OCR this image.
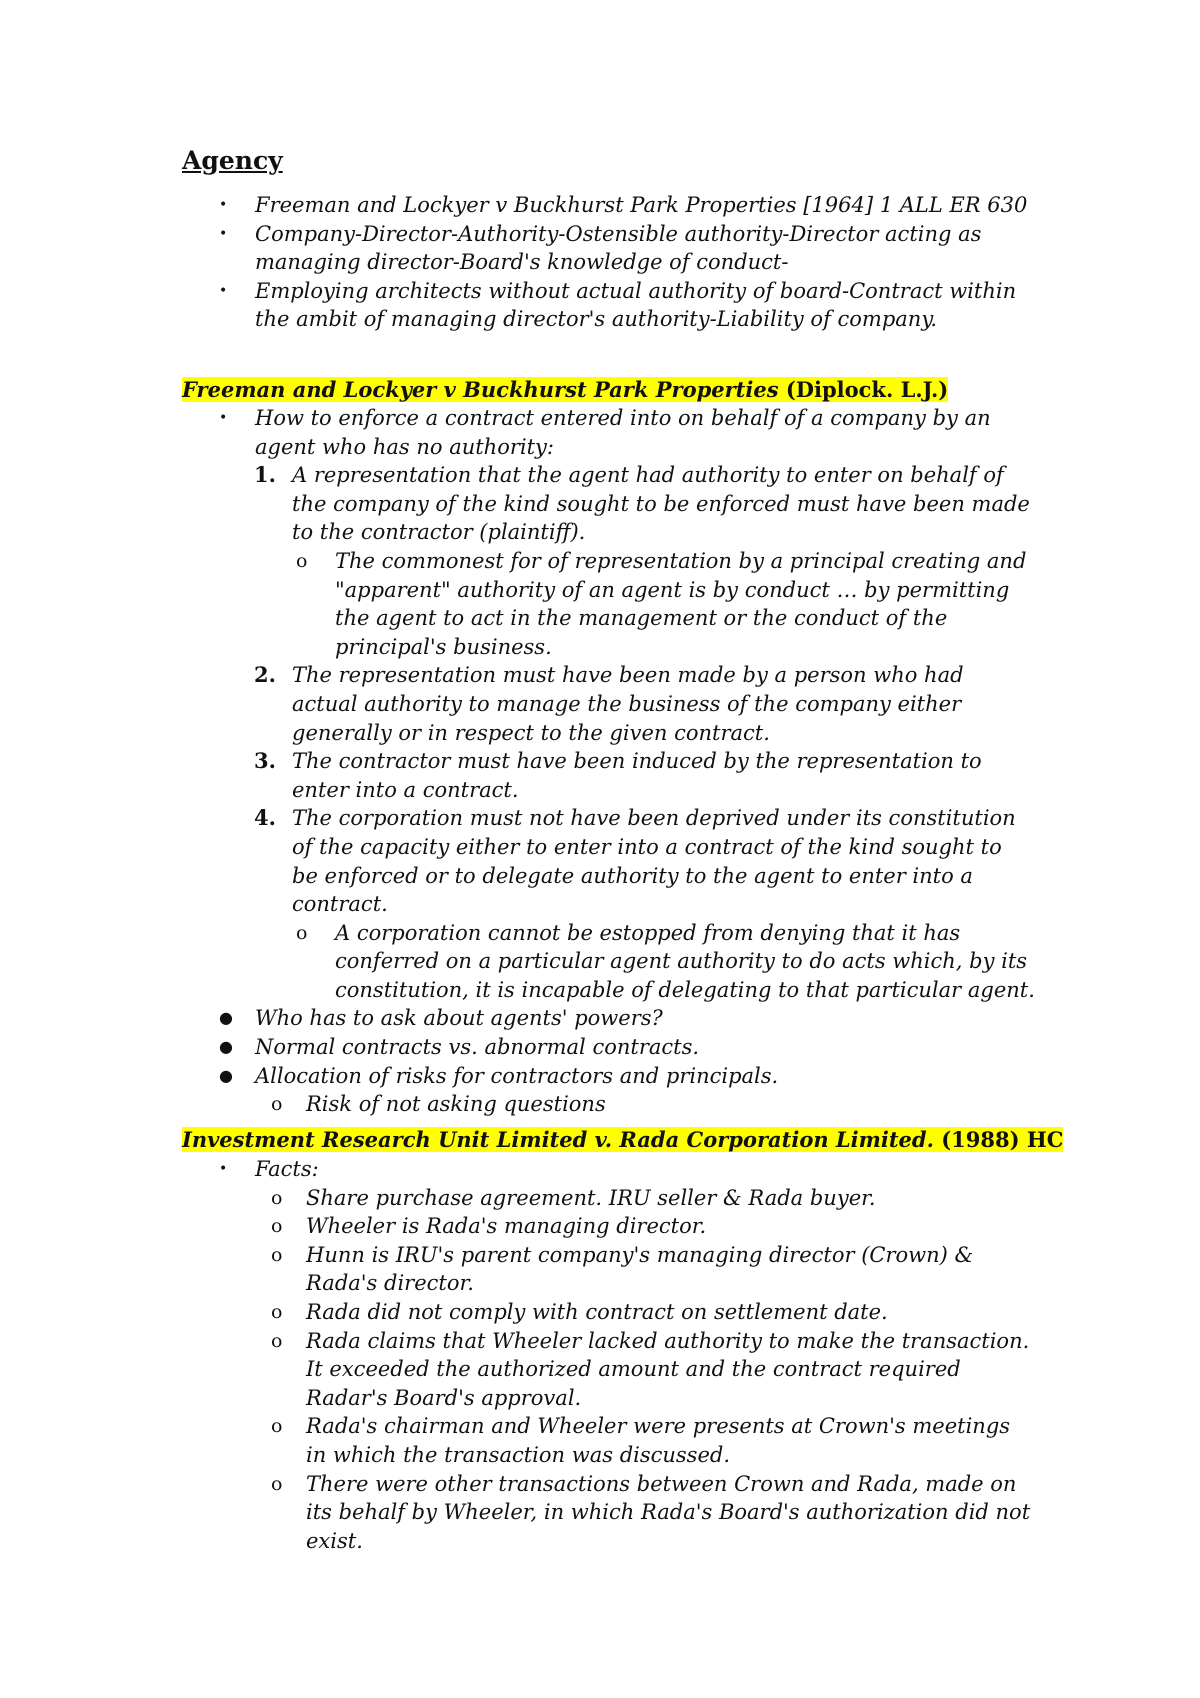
Agency
• Freeman and Lockyer v Buckhurst Park Properties [1964] 1 ALL ER 630
• Company-Director-Authority-Ostensible authority-Director acting as managing director-Board's knowledge of conduct-
• Employing architects without actual authority of board-Contract within the ambit of managing director's authority-Liability of company.

Freeman and Lockyer v Buckhurst Park Properties (Diplock. L.J.)

• How to enforce a contract entered into on behalf of a company by an agent who has no authority:
1. A representation that the agent had authority to enter on behalf of the company of the kind sought to be enforced must have been made to the contractor (plaintiff).
o The commonest for of representation by a principal creating and "apparent" authority of an agent is by conduct … by permitting the agent to act in the management or the conduct of the principal's business.
2. The representation must have been made by a person who had actual authority to manage the business of the company either generally or in respect to the given contract.
3. The contractor must have been induced by the representation to enter into a contract.
4. The corporation must not have been deprived under its constitution of the capacity either to enter into a contract of the kind sought to be enforced or to delegate authority to the agent to enter into a contract.
o A corporation cannot be estopped from denying that it has conferred on a particular agent authority to do acts which, by its constitution, it is incapable of delegating to that particular agent.
● Who has to ask about agents' powers?
● Normal contracts vs. abnormal contracts.
● Allocation of risks for contractors and principals.
o Risk of not asking questions

Investment Research Unit Limited v. Rada Corporation Limited. (1988) HC

• Facts:
o Share purchase agreement. IRU seller & Rada buyer.
o Wheeler is Rada's managing director.
o Hunn is IRU's parent company's managing director (Crown) & Rada's director.
o Rada did not comply with contract on settlement date.
o Rada claims that Wheeler lacked authority to make the transaction. It exceeded the authorized amount and the contract required Radar's Board's approval.
o Rada's chairman and Wheeler were presents at Crown's meetings in which the transaction was discussed.
o There were other transactions between Crown and Rada, made on its behalf by Wheeler, in which Rada's Board's authorization did not exist.
